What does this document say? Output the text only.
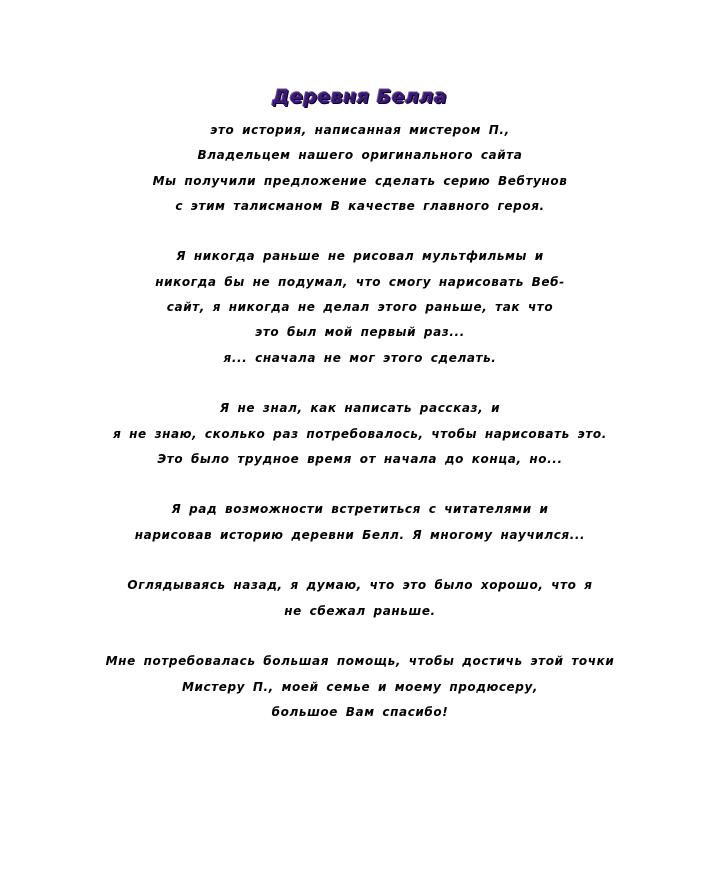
Деревня Белла
это история, написанная мистером П.,
Владельцем нашего оригинального сайта
Мы получили предложение сделать серию Вебтунов
с этим талисманом В качестве главного героя.
Я никогда раньше не рисовал мультфильмы и
никогда бы не подумал, что смогу нарисовать Веб-
сайт, я никогда не делал этого раньше, так что
это был мой первый раз...
я... сначала не мог этого сделать.
Я не знал, как написать рассказ, и
я не знаю, сколько раз потребовалось, чтобы нарисовать это.
Это было трудное время от начала до конца, но...
Я рад возможности встретиться с читателями и
нарисовав историю деревни Белл. Я многому научился...
Оглядываясь назад, я думаю, что это было хорошо, что я
не сбежал раньше.
Мне потребовалась большая помощь, чтобы достичь этой точки
Мистеру П., моей семье и моему продюсеру,
большое Вам спасибо!
